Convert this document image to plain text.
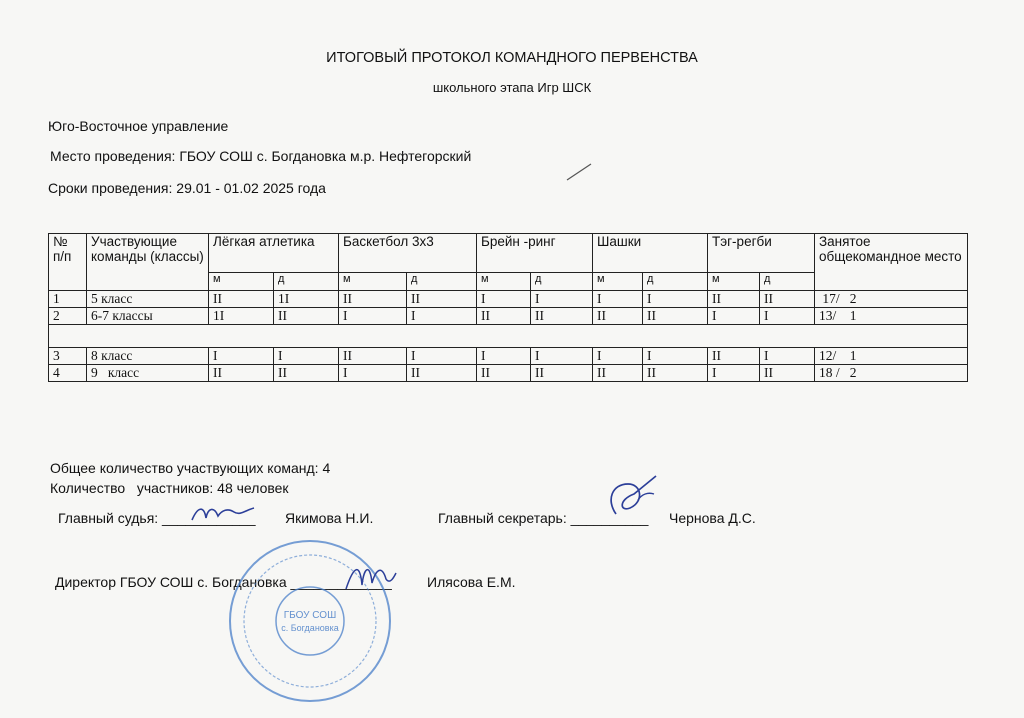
ИТОГОВЫЙ ПРОТОКОЛ КОМАНДНОГО ПЕРВЕНСТВА
школьного этапа Игр ШСК
Юго-Восточное управление
Место проведения: ГБОУ СОШ с. Богдановка м.р. Нефтегорский
Сроки проведения: 29.01 - 01.02 2025 года
№ п/п	Участвующие команды (классы)	Лёгкая атлетика		Баскетбол 3х3		Брейн -ринг		Шашки		Тэг-регби		Занятое общекомандное место
		м	д	м	д	м	д	м	д	м	д	
1	5 класс	II	1I	II	II	I	I	I	I	II	II	17/   2
2	6-7 классы	1I	II	I	I	II	II	II	II	I	I	13/    1

3	8 класс	I	I	II	I	I	I	I	I	II	I	12/    1
4	9   класс	II	II	I	II	II	II	II	II	I	II	18 /   2
Общее количество участвующих команд: 4
Количество   участников: 48 человек
Главный судья: ____________ Якимова Н.И.	Главный секретарь: __________ Чернова Д.С.
Директор ГБОУ СОШ с. Богдановка _____________	Илясова Е.М.
ГБОУ СОШ
с. Богдановка
